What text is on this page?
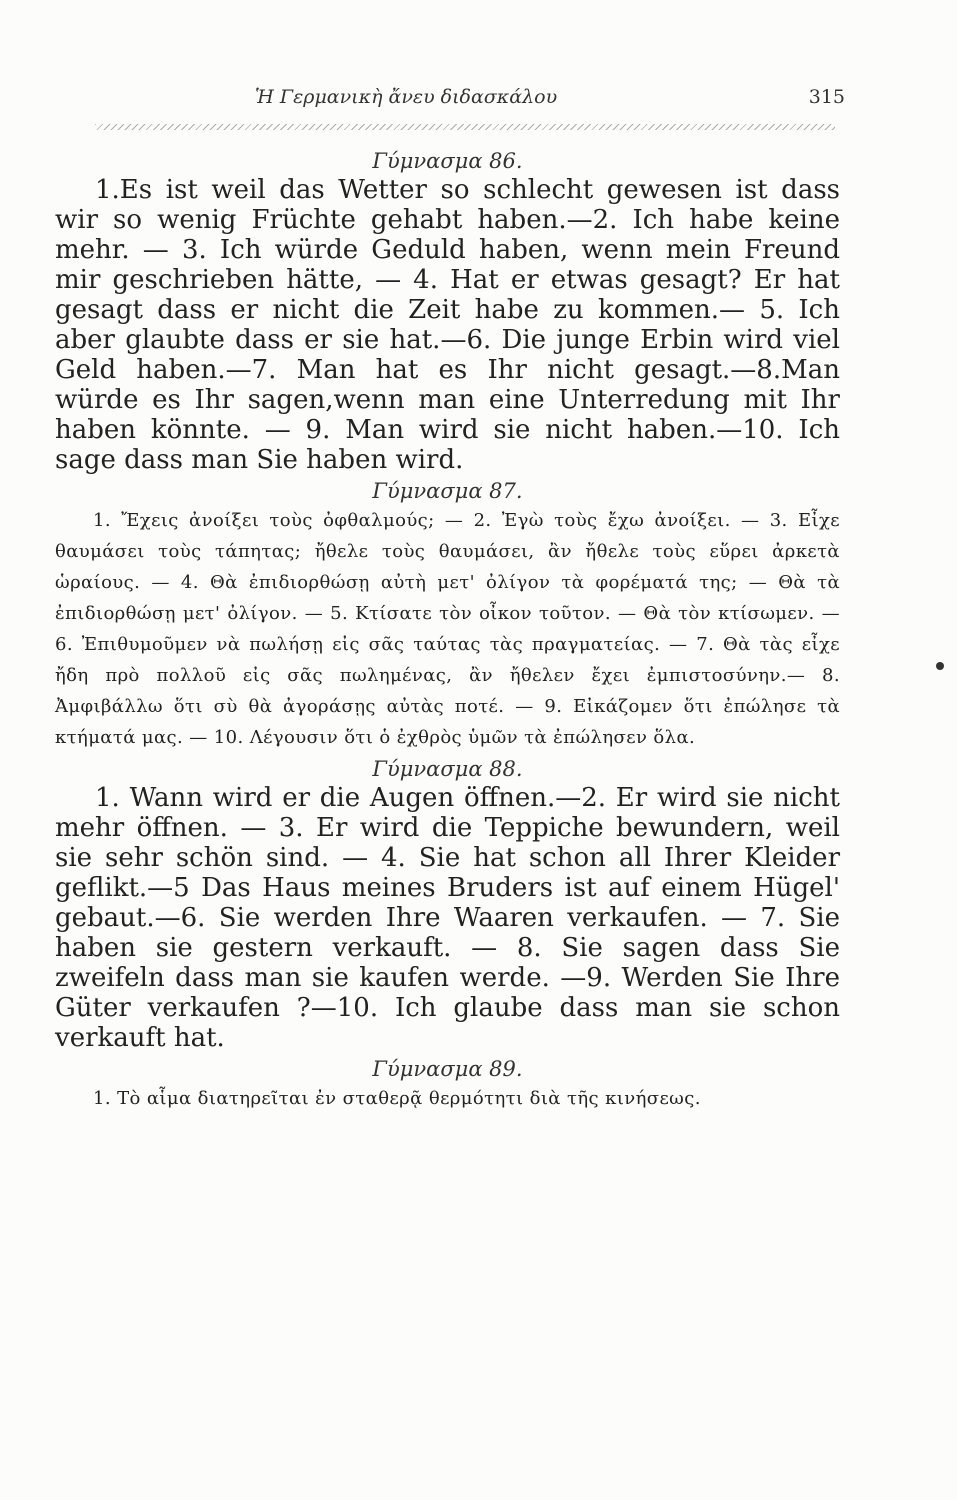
Ἡ Γερμανικὴ ἄνευ διδασκάλου	315
Γύμνασμα 86.

1.Es ist weil das Wetter so schlecht gewesen ist dass wir so wenig Früchte gehabt haben.—2. Ich habe keine mehr. — 3. Ich würde Geduld haben, wenn mein Freund mir geschrieben hätte, — 4. Hat er etwas gesagt? Er hat gesagt dass er nicht die Zeit habe zu kommen.— 5. Ich aber glaubte dass er sie hat.—6. Die junge Erbin wird viel Geld haben.—7. Man hat es Ihr nicht gesagt.—8.Man würde es Ihr sagen,wenn man eine Unterredung mit Ihr haben könnte. — 9. Man wird sie nicht haben.—10. Ich sage dass man Sie haben wird.

Γύμνασμα 87.

1. Ἔχεις ἀνοίξει τοὺς ὀφθαλμούς; — 2. Ἐγὼ τοὺς ἔχω ἀνοίξει. — 3. Εἶχε θαυμάσει τοὺς τάπητας; ἤθελε τοὺς θαυμάσει, ἂν ἤθελε τοὺς εὕρει ἀρκετὰ ὡραίους. — 4. Θὰ ἐπιδιορθώσῃ αὐτὴ μετ' ὀλίγον τὰ φορέματά της; — Θὰ τὰ ἐπιδιορθώσῃ μετ' ὀλίγον. — 5. Κτίσατε τὸν οἶκον τοῦτον. — Θὰ τὸν κτίσωμεν. — 6. Ἐπιθυμοῦμεν νὰ πωλήσῃ εἰς σᾶς ταύτας τὰς πραγματείας. — 7. Θὰ τὰς εἶχε ἤδη πρὸ πολλοῦ εἰς σᾶς πωλημένας, ἂν ἤθελεν ἔχει ἐμπιστοσύνην.— 8. Ἀμφιβάλλω ὅτι σὺ θὰ ἀγοράσῃς αὐτὰς ποτέ. — 9. Εἰκάζομεν ὅτι ἐπώλησε τὰ κτήματά μας. — 10. Λέγουσιν ὅτι ὁ ἐχθρὸς ὑμῶν τὰ ἐπώλησεν ὅλα.

Γύμνασμα 88.

1. Wann wird er die Augen öffnen.—2. Er wird sie nicht mehr öffnen. — 3. Er wird die Teppiche bewundern, weil sie sehr schön sind. — 4. Sie hat schon all Ihrer Kleider geflikt.—5 Das Haus meines Bruders ist auf einem Hügel' gebaut.—6. Sie werden Ihre Waaren verkaufen. — 7. Sie haben sie gestern verkauft. — 8. Sie sagen dass Sie zweifeln dass man sie kaufen werde. —9. Werden Sie Ihre Güter verkaufen ?—10. Ich glaube dass man sie schon verkauft hat.

Γύμνασμα 89.

1. Τὸ αἷμα διατηρεῖται ἐν σταθερᾷ θερμότητι διὰ τῆς κινήσεως.
